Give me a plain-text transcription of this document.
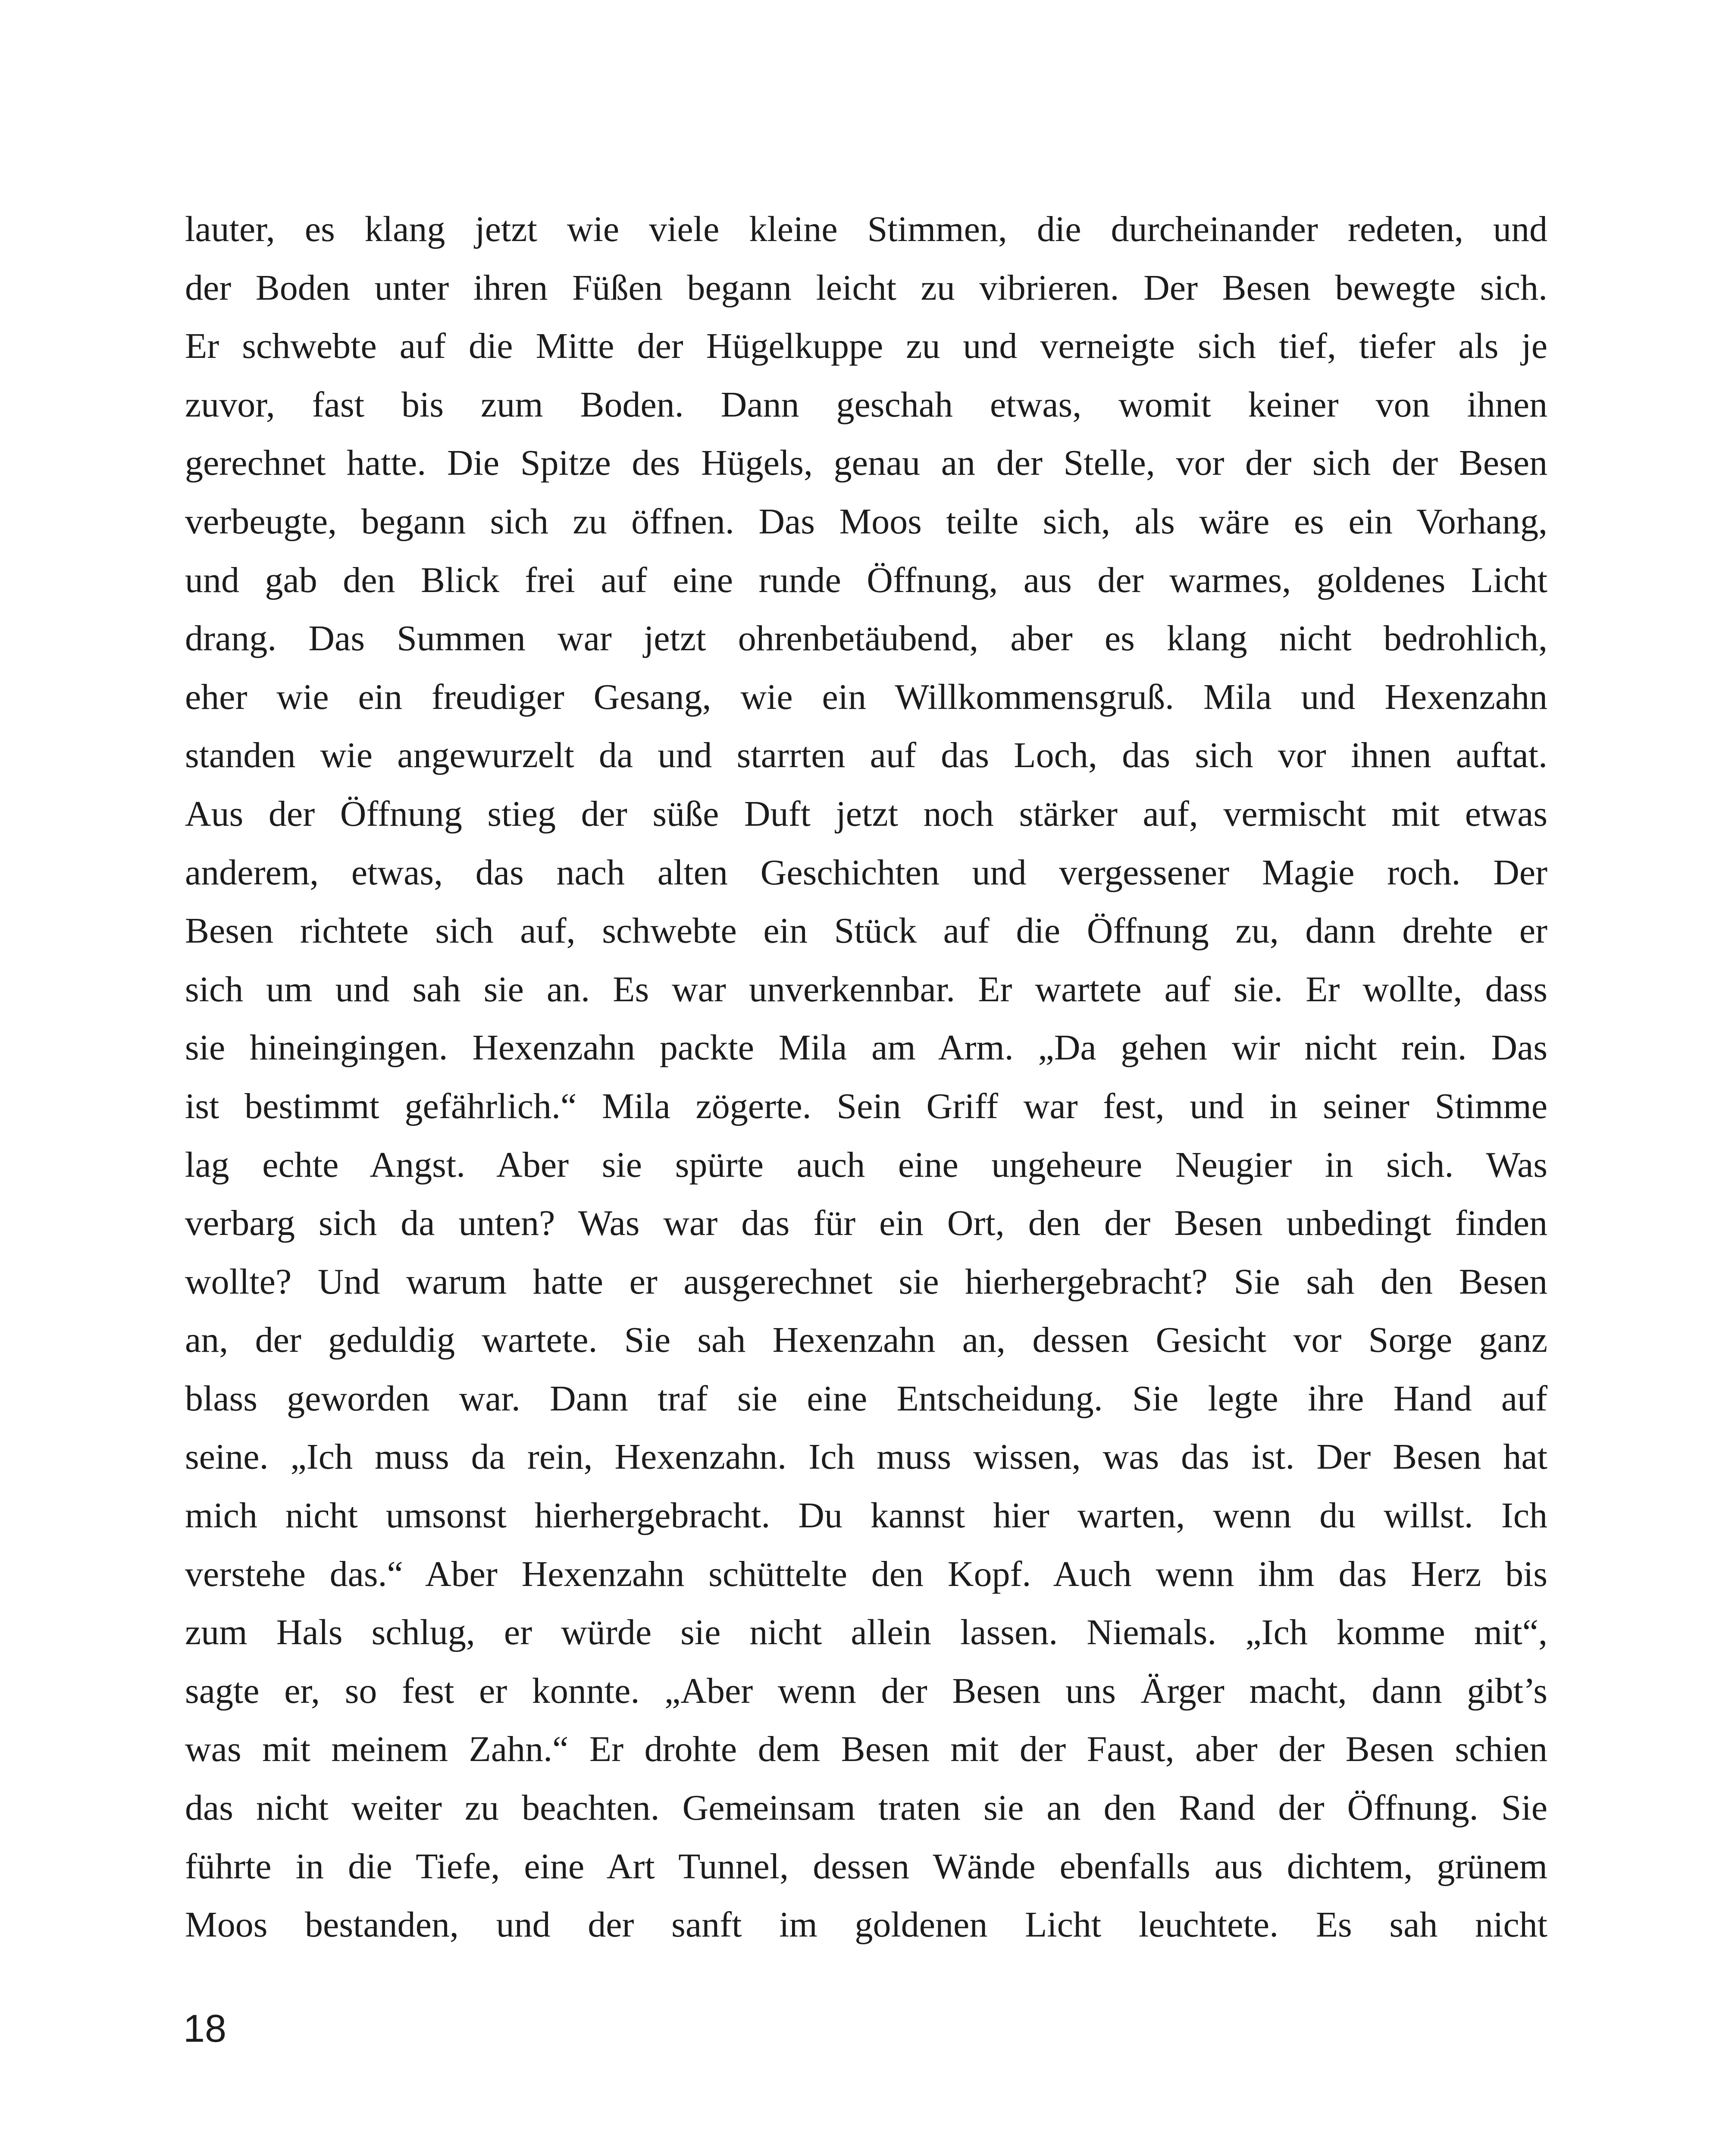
lauter, es klang jetzt wie viele kleine Stimmen, die durcheinander redeten, und
der Boden unter ihren Füßen begann leicht zu vibrieren. Der Besen bewegte sich.
Er schwebte auf die Mitte der Hügelkuppe zu und verneigte sich tief, tiefer als je
zuvor, fast bis zum Boden. Dann geschah etwas, womit keiner von ihnen
gerechnet hatte. Die Spitze des Hügels, genau an der Stelle, vor der sich der Besen
verbeugte, begann sich zu öffnen. Das Moos teilte sich, als wäre es ein Vorhang,
und gab den Blick frei auf eine runde Öffnung, aus der warmes, goldenes Licht
drang. Das Summen war jetzt ohrenbetäubend, aber es klang nicht bedrohlich,
eher wie ein freudiger Gesang, wie ein Willkommensgruß. Mila und Hexenzahn
standen wie angewurzelt da und starrten auf das Loch, das sich vor ihnen auftat.
Aus der Öffnung stieg der süße Duft jetzt noch stärker auf, vermischt mit etwas
anderem, etwas, das nach alten Geschichten und vergessener Magie roch. Der
Besen richtete sich auf, schwebte ein Stück auf die Öffnung zu, dann drehte er
sich um und sah sie an. Es war unverkennbar. Er wartete auf sie. Er wollte, dass
sie hineingingen. Hexenzahn packte Mila am Arm. „Da gehen wir nicht rein. Das
ist bestimmt gefährlich.“ Mila zögerte. Sein Griff war fest, und in seiner Stimme
lag echte Angst. Aber sie spürte auch eine ungeheure Neugier in sich. Was
verbarg sich da unten? Was war das für ein Ort, den der Besen unbedingt finden
wollte? Und warum hatte er ausgerechnet sie hierhergebracht? Sie sah den Besen
an, der geduldig wartete. Sie sah Hexenzahn an, dessen Gesicht vor Sorge ganz
blass geworden war. Dann traf sie eine Entscheidung. Sie legte ihre Hand auf
seine. „Ich muss da rein, Hexenzahn. Ich muss wissen, was das ist. Der Besen hat
mich nicht umsonst hierhergebracht. Du kannst hier warten, wenn du willst. Ich
verstehe das.“ Aber Hexenzahn schüttelte den Kopf. Auch wenn ihm das Herz bis
zum Hals schlug, er würde sie nicht allein lassen. Niemals. „Ich komme mit“,
sagte er, so fest er konnte. „Aber wenn der Besen uns Ärger macht, dann gibt’s
was mit meinem Zahn.“ Er drohte dem Besen mit der Faust, aber der Besen schien
das nicht weiter zu beachten. Gemeinsam traten sie an den Rand der Öffnung. Sie
führte in die Tiefe, eine Art Tunnel, dessen Wände ebenfalls aus dichtem, grünem
Moos bestanden, und der sanft im goldenen Licht leuchtete. Es sah nicht
18
